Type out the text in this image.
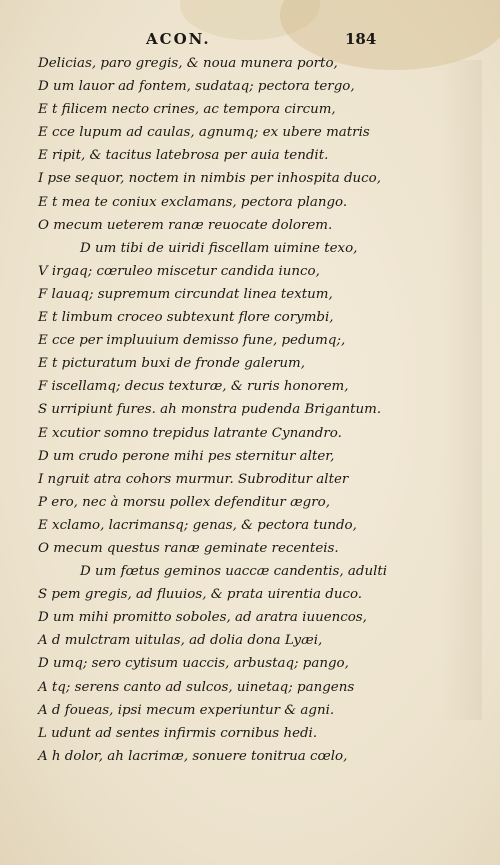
ACON.	184
Delicias, paro gregis, & noua munera porto,
D um lauor ad fontem, sudataq; pectora tergo,
E t filicem necto crines, ac tempora circum,
E cce lupum ad caulas, agnumq; ex ubere matris
E ripit, & tacitus latebrosa per auia tendit.
I pse sequor, noctem in nimbis per inhospita duco,
E t mea te coniux exclamans, pectora plango.
O mecum ueterem ranæ reuocate dolorem.
D um tibi de uiridi fiscellam uimine texo,
V irgaq; cœruleo miscetur candida iunco,
F lauaq; supremum circundat linea textum,
E t limbum croceo subtexunt flore corymbi,
E cce per impluuium demisso fune, pedumq;,
E t picturatum buxi de fronde galerum,
F iscellamq; decus texturæ, & ruris honorem,
S urripiunt fures. ah monstra pudenda Brigantum.
E xcutior somno trepidus latrante Cynandro.
D um crudo perone mihi pes sternitur alter,
I ngruit atra cohors murmur. Subroditur alter
P ero, nec à morsu pollex defenditur ægro,
E xclamo, lacrimansq; genas, & pectora tundo,
O mecum questus ranæ geminate recenteis.
D um fœtus geminos uaccæ candentis, adulti
S pem gregis, ad fluuios, & prata uirentia duco.
D um mihi promitto soboles, ad aratra iuuencos,
A d mulctram uitulas, ad dolia dona Lyæi,
D umq; sero cytisum uaccis, arbustaq; pango,
A tq; serens canto ad sulcos, uinetaq; pangens
A d foueas, ipsi mecum experiuntur & agni.
L udunt ad sentes infirmis cornibus hedi.
A h dolor, ah lacrimæ, sonuere tonitrua cœlo,
